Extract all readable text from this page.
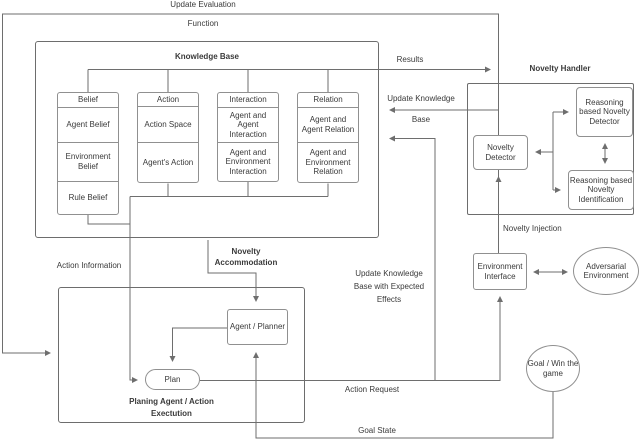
Belief
Agent Belief
Environment Belief
Rule Belief
Action
Action Space
Agent's Action
Interaction
Agent and Agent Interaction
Agent and Environment Interaction
Relation
Agent and Agent Relation
Agent and Environment Relation
Novelty Detector
Reasoning based Novelty Detector
Reasoning based Novelty Identification
Environment Interface
Adversarial Environment
Goal / Win the game
Agent / Planner
Plan
Update Evaluation
Function
Knowledge Base	Results
Novelty Handler
Update Knowledge
Base
Novelty Injection
Update Knowledge
Base with Expected
Effects
Action Information
Novelty
Accommodation
Action Request
Goal State
Planing Agent / Action
Exectution
